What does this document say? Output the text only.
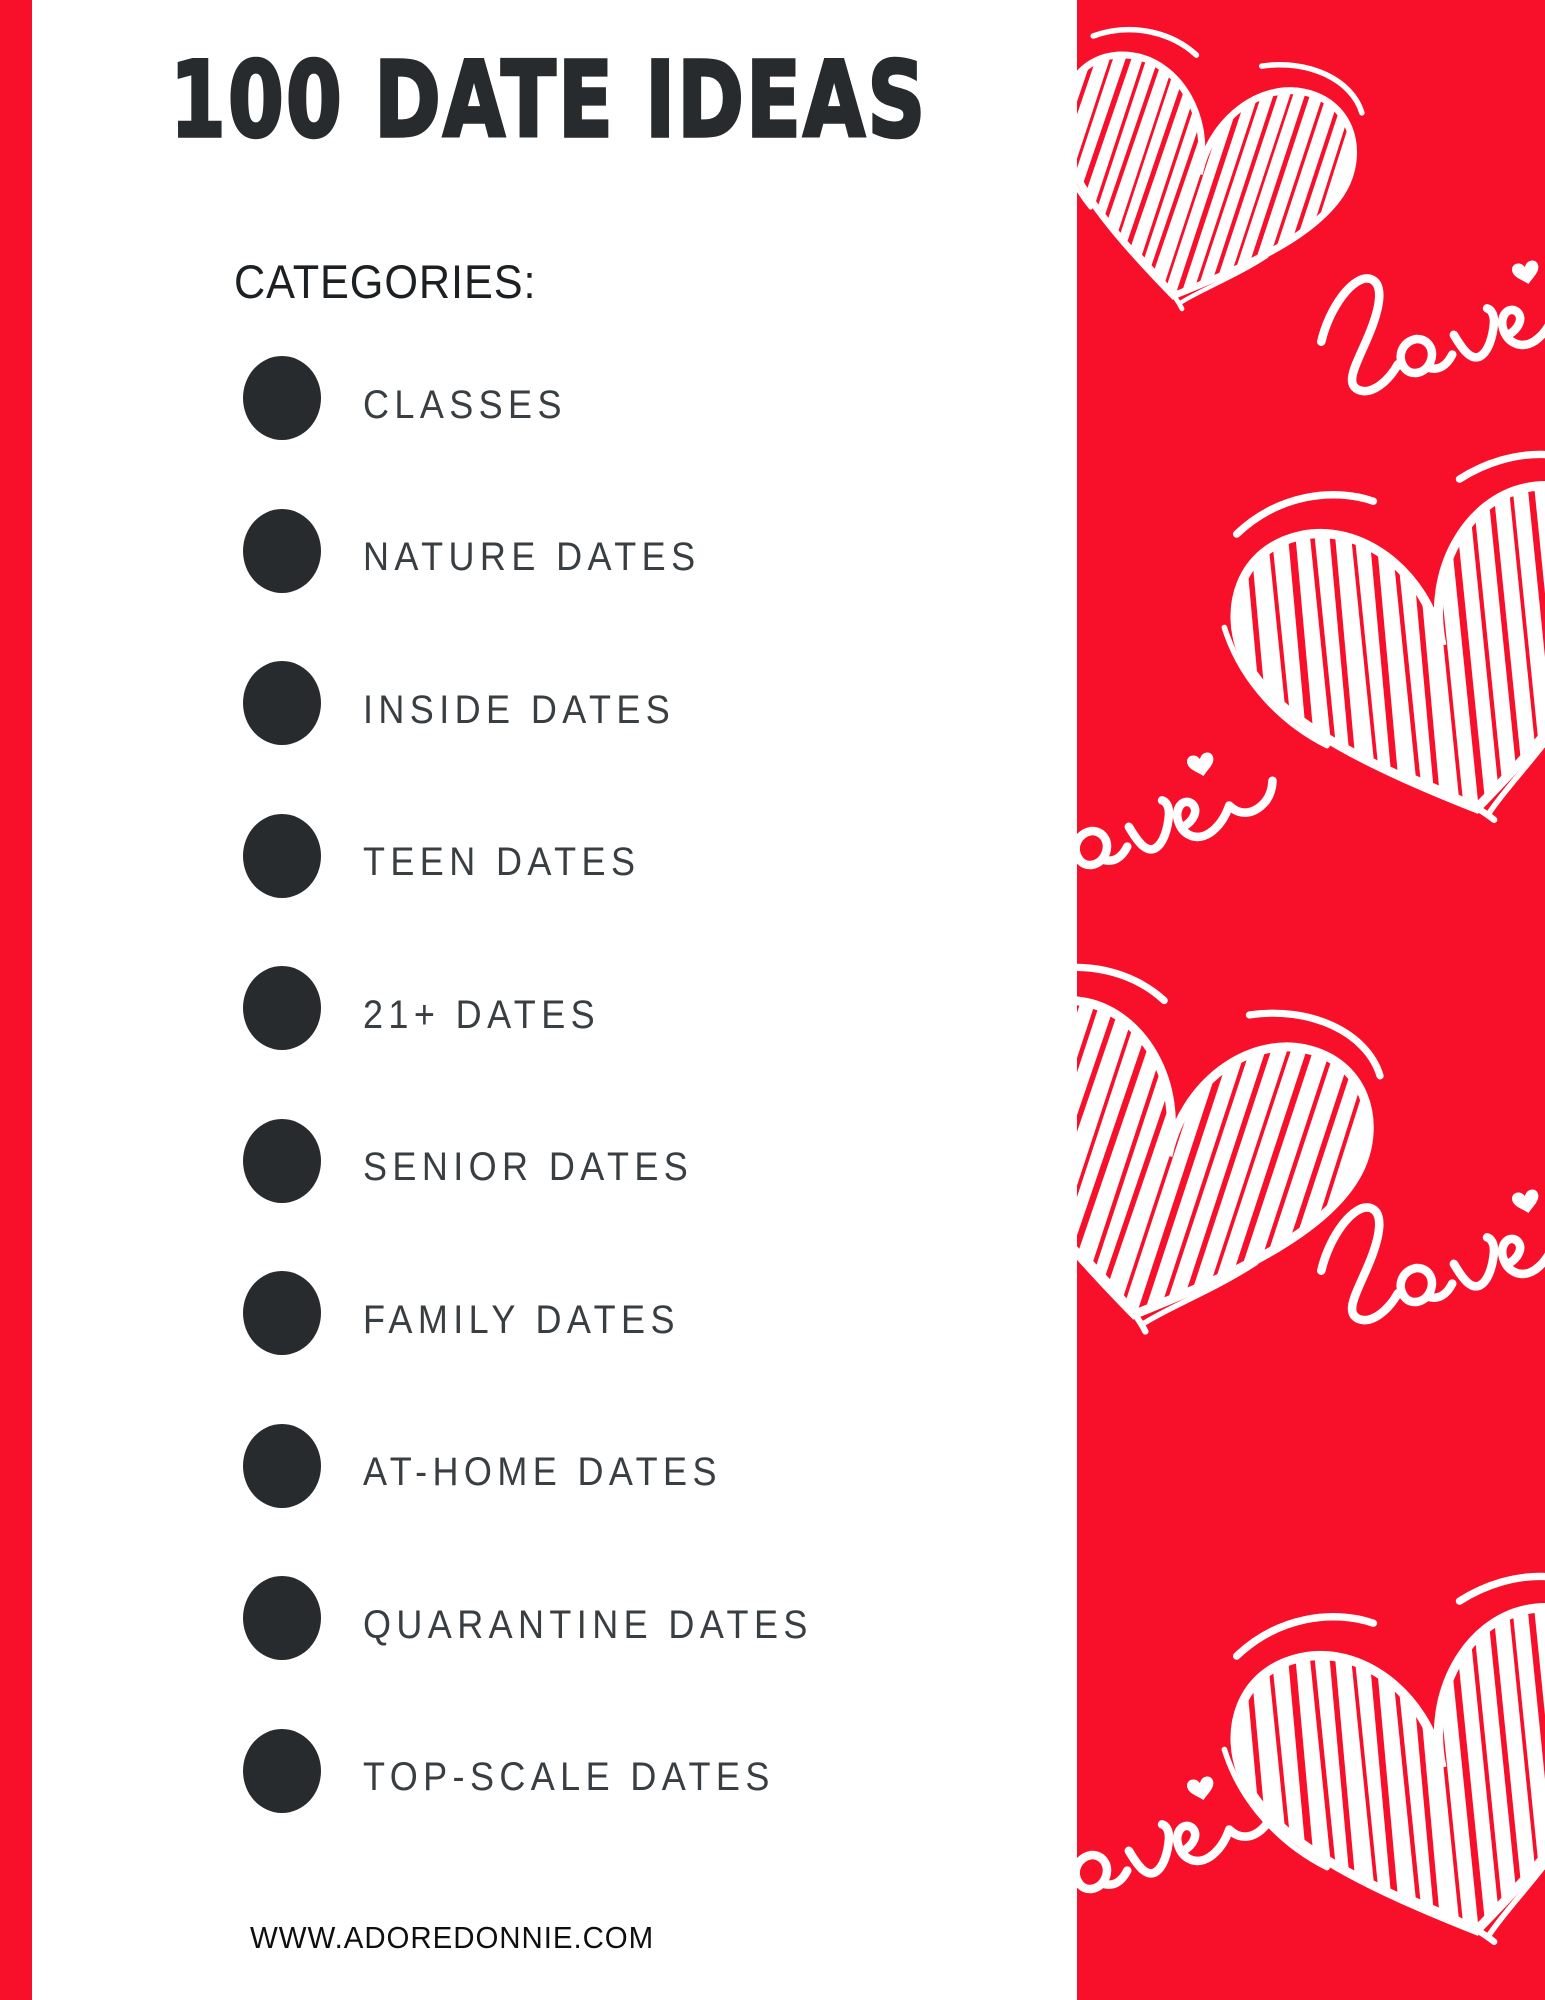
100 DATE IDEAS
CATEGORIES:
CLASSES
NATURE DATES
INSIDE DATES
TEEN DATES
21+ DATES
SENIOR DATES
FAMILY DATES
AT-HOME DATES
QUARANTINE DATES
TOP-SCALE DATES
WWW.ADOREDONNIE.COM
